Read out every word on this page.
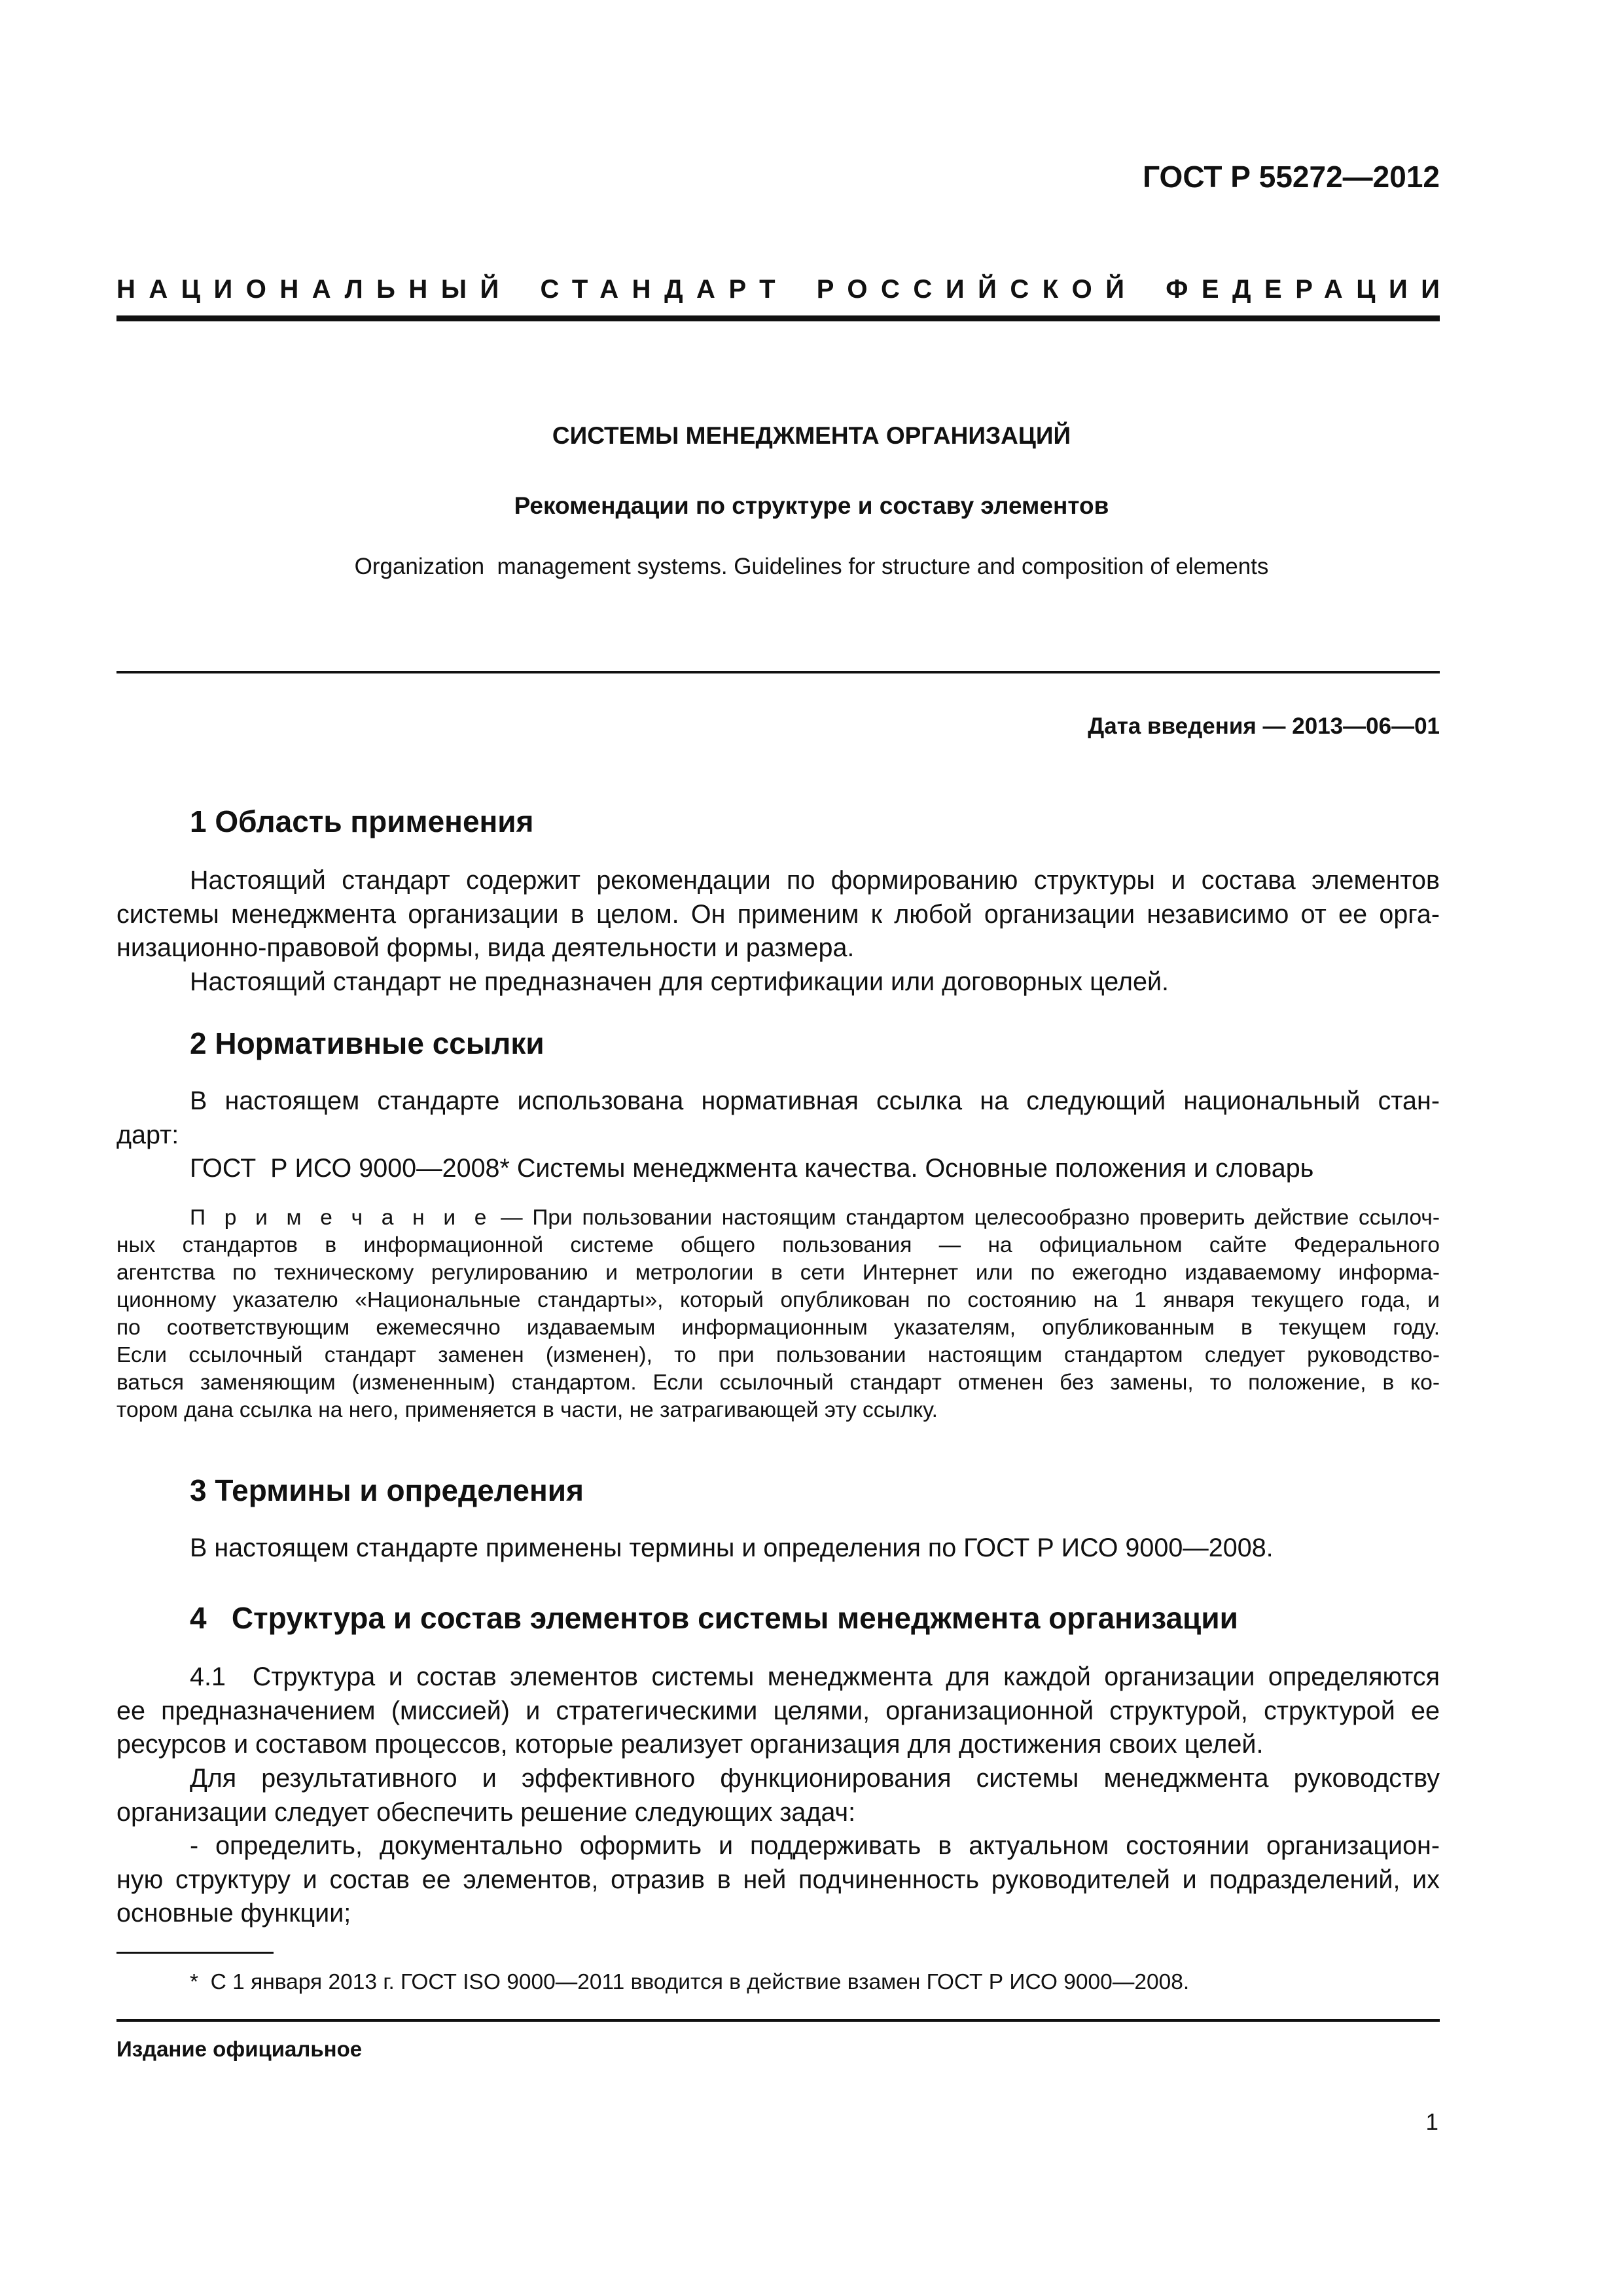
ГОСТ Р 55272—2012
НАЦИОНАЛЬНЫЙ СТАНДАРТ РОССИЙСКОЙ ФЕДЕРАЦИИ
СИСТЕМЫ МЕНЕДЖМЕНТА ОРГАНИЗАЦИЙ
Рекомендации по структуре и составу элементов
Organization  management systems. Guidelines for structure and composition of elements
Дата введения — 2013—06—01
1 Область применения

Настоящий стандарт содержит рекомендации по формированию структуры и состава элементов
системы менеджмента организации в целом. Он применим к любой организации независимо от ее орга-
низационно-правовой формы, вида деятельности и размера.

Настоящий стандарт не предназначен для сертификации или договорных целей.

2 Нормативные ссылки

В настоящем стандарте использована нормативная ссылка на следующий национальный стан-
дарт:

ГОСТ  Р ИСО 9000—2008* Системы менеджмента качества. Основные положения и словарь

П р и м е ч а н и е — При пользовании настоящим стандартом целесообразно проверить действие ссылоч-
ных стандартов в информационной системе общего пользования — на официальном сайте Федерального
агентства по техническому регулированию и метрологии в сети Интернет или по ежегодно издаваемому информа-
ционному указателю «Национальные стандарты», который опубликован по состоянию на 1 января текущего года, и
по соответствующим ежемесячно издаваемым информационным указателям, опубликованным в текущем году.
Если ссылочный стандарт заменен (изменен), то при пользовании настоящим стандартом следует руководство-
ваться заменяющим (измененным) стандартом. Если ссылочный стандарт отменен без замены, то положение, в ко-
тором дана ссылка на него, применяется в части, не затрагивающей эту ссылку.
3 Термины и определения

В настоящем стандарте применены термины и определения по ГОСТ Р ИСО 9000—2008.

4   Структура и состав элементов системы менеджмента организации

4.1  Структура и состав элементов системы менеджмента для каждой организации определяются
ее предназначением (миссией) и стратегическими целями, организационной структурой, структурой ее
ресурсов и составом процессов, которые реализует организация для достижения своих целей.

Для результативного и эффективного функционирования системы менеджмента руководству
организации следует обеспечить решение следующих задач:

- определить, документально оформить и поддерживать в актуальном состоянии организацион-
ную структуру и состав ее элементов, отразив в ней подчиненность руководителей и подразделений, их
основные функции;

*  С 1 января 2013 г. ГОСТ ISO 9000—2011 вводится в действие взамен ГОСТ Р ИСО 9000—2008.
Издание официальное
1
